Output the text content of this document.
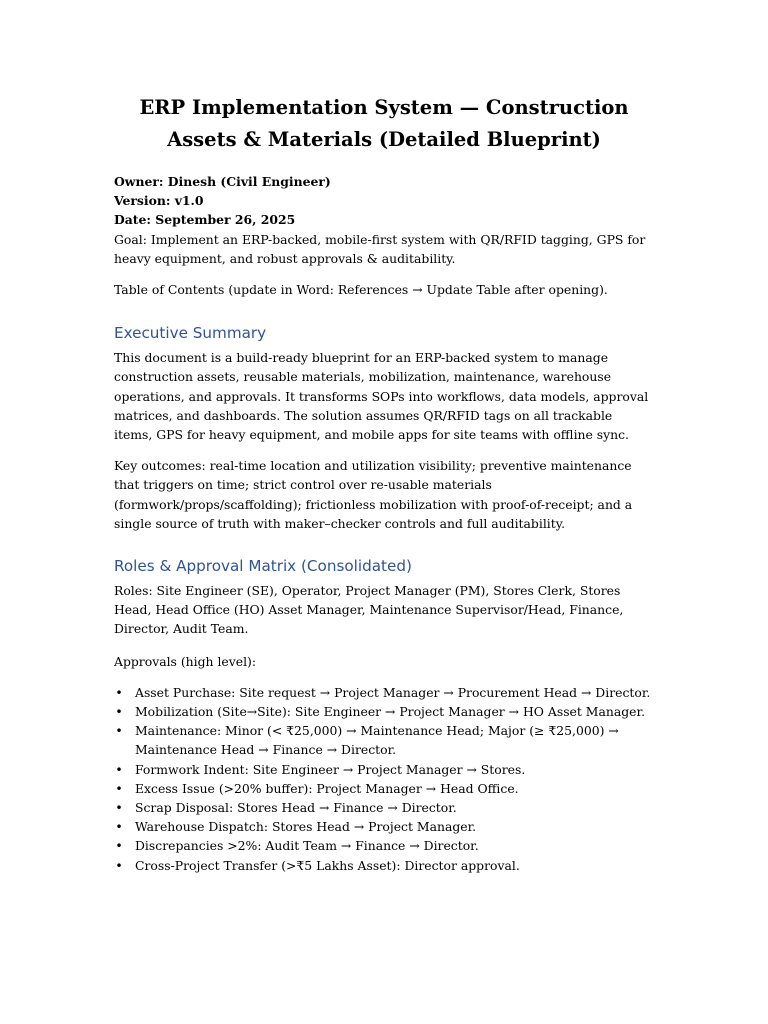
ERP Implementation System — Construction Assets & Materials (Detailed Blueprint)
Owner: Dinesh (Civil Engineer)
Version: v1.0
Date: September 26, 2025
Goal: Implement an ERP-backed, mobile-first system with QR/RFID tagging, GPS for heavy equipment, and robust approvals & auditability.

Table of Contents (update in Word: References → Update Table after opening).

Executive Summary

This document is a build-ready blueprint for an ERP-backed system to manage construction assets, reusable materials, mobilization, maintenance, warehouse operations, and approvals. It transforms SOPs into workflows, data models, approval matrices, and dashboards. The solution assumes QR/RFID tags on all trackable items, GPS for heavy equipment, and mobile apps for site teams with offline sync.

Key outcomes: real-time location and utilization visibility; preventive maintenance that triggers on time; strict control over re-usable materials (formwork/props/scaffolding); frictionless mobilization with proof-of-receipt; and a single source of truth with maker–checker controls and full auditability.

Roles & Approval Matrix (Consolidated)

Roles: Site Engineer (SE), Operator, Project Manager (PM), Stores Clerk, Stores Head, Head Office (HO) Asset Manager, Maintenance Supervisor/Head, Finance, Director, Audit Team.

Approvals (high level):

• Asset Purchase: Site request → Project Manager → Procurement Head → Director.
• Mobilization (Site→Site): Site Engineer → Project Manager → HO Asset Manager.
• Maintenance: Minor (< ₹25,000) → Maintenance Head; Major (≥ ₹25,000) → Maintenance Head → Finance → Director.
• Formwork Indent: Site Engineer → Project Manager → Stores.
• Excess Issue (>20% buffer): Project Manager → Head Office.
• Scrap Disposal: Stores Head → Finance → Director.
• Warehouse Dispatch: Stores Head → Project Manager.
• Discrepancies >2%: Audit Team → Finance → Director.
• Cross-Project Transfer (>₹5 Lakhs Asset): Director approval.
